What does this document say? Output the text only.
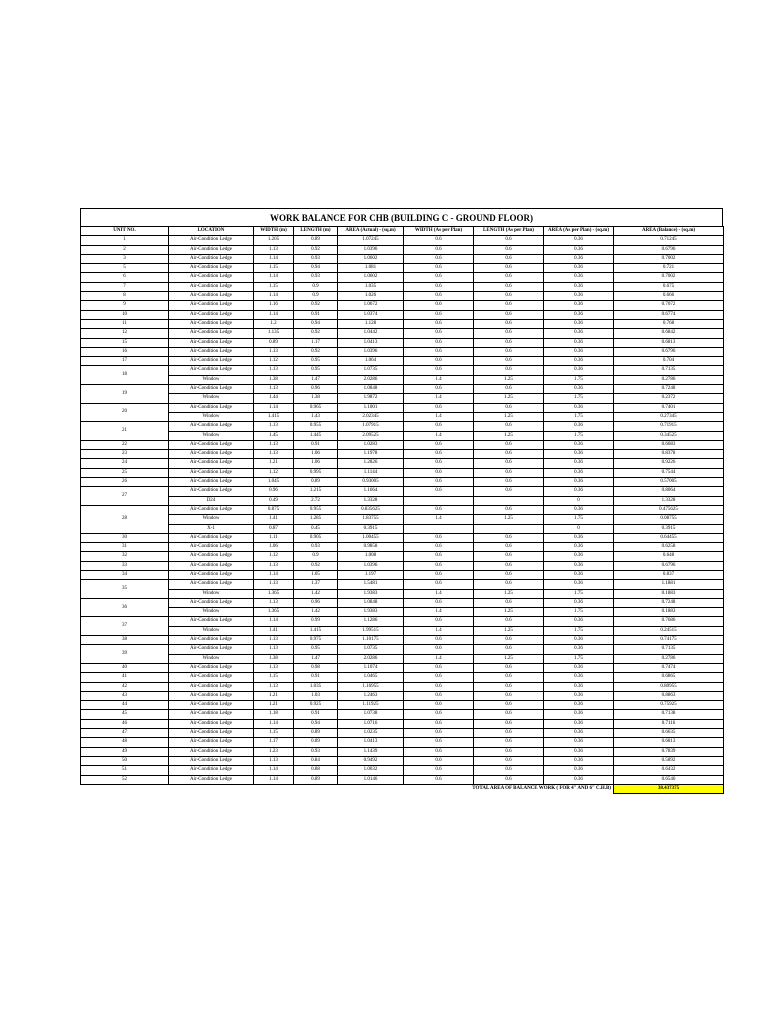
WORK BALANCE FOR CHB (BUILDING C - GROUND FLOOR)
UNIT NO.	LOCATION	WIDTH (m)	LENGTH (m)	AREA (Actual) - (sq.m)	WIDTH (As per Plan)	LENGTH (As per Plan)	AREA (As per Plan) - (sq.m)	AREA (Balance) - (sq.m)
1	Air-Condition Ledge	1.205	0.89	1.07245	0.6	0.6	0.36	0.71245
2	Air-Condition Ledge	1.13	0.92	1.0396	0.6	0.6	0.36	0.6796
3	Air-Condition Ledge	1.14	0.93	1.0602	0.6	0.6	0.36	0.7002
5	Air-Condition Ledge	1.15	0.94	1.081	0.6	0.6	0.36	0.721
6	Air-Condition Ledge	1.14	0.93	1.0602	0.6	0.6	0.36	0.7002
7	Air-Condition Ledge	1.15	0.9	1.035	0.6	0.6	0.36	0.675
8	Air-Condition Ledge	1.14	0.9	1.026	0.6	0.6	0.36	0.666
9	Air-Condition Ledge	1.16	0.92	1.0672	0.6	0.6	0.36	0.7072
10	Air-Condition Ledge	1.14	0.91	1.0374	0.6	0.6	0.36	0.6774
11	Air-Condition Ledge	1.2	0.94	1.128	0.6	0.6	0.36	0.768
12	Air-Condition Ledge	1.135	0.92	1.0442	0.6	0.6	0.36	0.6842
15	Air-Condition Ledge	0.89	1.17	1.0413	0.6	0.6	0.36	0.6813
16	Air-Condition Ledge	1.13	0.92	1.0396	0.6	0.6	0.36	0.6796
17	Air-Condition Ledge	1.12	0.95	1.064	0.6	0.6	0.36	0.704
18	Air-Condition Ledge	1.13	0.95	1.0735	0.6	0.6	0.36	0.7135
	Window	1.38	1.47	2.0286	1.4	1.25	1.75	0.2786
19	Air-Condition Ledge	1.13	0.96	1.0848	0.6	0.6	0.36	0.7248
	Window	1.44	1.38	1.9872	1.4	1.25	1.75	0.2372
20	Air-Condition Ledge	1.14	0.965	1.1001	0.6	0.6	0.36	0.7401
	Window	1.415	1.43	2.02345	1.4	1.25	1.75	0.27345
21	Air-Condition Ledge	1.13	0.955	1.07915	0.6	0.6	0.36	0.71915
	Window	1.45	1.445	2.09525	1.4	1.25	1.75	0.34525
22	Air-Condition Ledge	1.13	0.91	1.0283	0.6	0.6	0.36	0.6683
23	Air-Condition Ledge	1.13	1.06	1.1978	0.6	0.6	0.36	0.8378
24	Air-Condition Ledge	1.21	1.06	1.2826	0.6	0.6	0.36	0.9226
25	Air-Condition Ledge	1.12	0.995	1.1144	0.6	0.6	0.36	0.7544
26	Air-Condition Ledge	1.045	0.89	0.93005	0.6	0.6	0.36	0.57005
27	Air-Condition Ledge	0.96	1.215	1.1664	0.6	0.6	0.36	0.8064
	D24	0.49	2.72	1.3328			0	1.3328
28	Air-Condition Ledge	0.875	0.955	0.835625	0.6	0.6	0.36	0.475625
	Window	1.41	1.285	1.83755	1.4	1.25	1.75	0.08755
	X-1	0.87	0.45	0.3915			0	0.3915
30	Air-Condition Ledge	1.11	0.905	1.00455	0.6	0.6	0.36	0.64455
31	Air-Condition Ledge	1.06	0.93	0.9858	0.6	0.6	0.36	0.6258
32	Air-Condition Ledge	1.12	0.9	1.008	0.6	0.6	0.36	0.648
33	Air-Condition Ledge	1.13	0.92	1.0396	0.6	0.6	0.36	0.6796
34	Air-Condition Ledge	1.14	1.05	1.197	0.6	0.6	0.36	0.837
35	Air-Condition Ledge	1.13	1.37	1.5481	0.6	0.6	0.36	1.1881
	Window	1.365	1.42	1.9383	1.4	1.25	1.75	0.1883
36	Air-Condition Ledge	1.13	0.96	1.0848	0.6	0.6	0.36	0.7248
	Window	1.365	1.42	1.9383	1.4	1.25	1.75	0.1883
37	Air-Condition Ledge	1.14	0.99	1.1286	0.6	0.6	0.36	0.7686
	Window	1.41	1.415	1.99515	1.4	1.25	1.75	0.24515
38	Air-Condition Ledge	1.13	0.975	1.10175	0.6	0.6	0.36	0.74175
39	Air-Condition Ledge	1.13	0.95	1.0735	0.6	0.6	0.36	0.7135
	Window	1.38	1.47	2.0286	1.4	1.25	1.75	0.2786
40	Air-Condition Ledge	1.13	0.98	1.1074	0.6	0.6	0.36	0.7474
41	Air-Condition Ledge	1.15	0.91	1.0465	0.6	0.6	0.36	0.6865
42	Air-Condition Ledge	1.13	1.035	1.16955	0.6	0.6	0.36	0.80955
43	Air-Condition Ledge	1.21	1.03	1.2463	0.6	0.6	0.36	0.8863
44	Air-Condition Ledge	1.21	0.925	1.11925	0.6	0.6	0.36	0.75925
45	Air-Condition Ledge	1.18	0.91	1.0738	0.6	0.6	0.36	0.7138
46	Air-Condition Ledge	1.14	0.94	1.0716	0.6	0.6	0.36	0.7116
47	Air-Condition Ledge	1.15	0.89	1.0235	0.6	0.6	0.36	0.6635
48	Air-Condition Ledge	1.17	0.89	1.0413	0.6	0.6	0.36	0.6813
49	Air-Condition Ledge	1.23	0.93	1.1439	0.6	0.6	0.36	0.7839
50	Air-Condition Ledge	1.13	0.84	0.9492	0.6	0.6	0.36	0.5892
51	Air-Condition Ledge	1.14	0.88	1.0032	0.6	0.6	0.36	0.6432
52	Air-Condition Ledge	1.14	0.89	1.0146	0.6	0.6	0.36	0.6546
TOTAL AREA OF BALANCE WORK ( FOR 4" AND 6" C.H.B)								38.437375
